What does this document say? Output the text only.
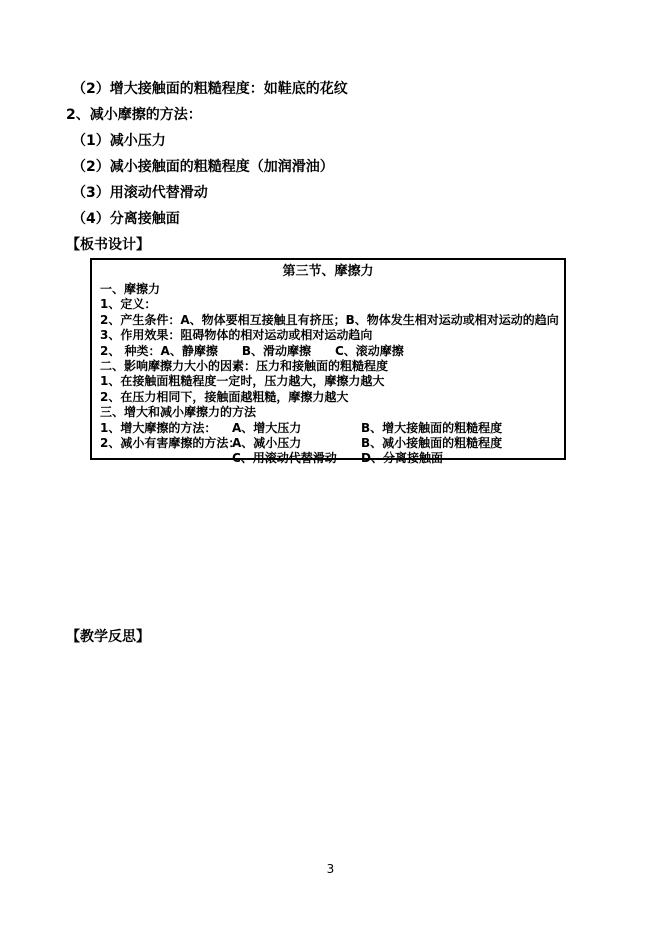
（2）增大接触面的粗糙程度：如鞋底的花纹
2、减小摩擦的方法：
（1）减小压力
（2）减小接触面的粗糙程度（加润滑油）
（3）用滚动代替滑动
（4）分离接触面
【板书设计】
第三节、摩擦力
一、摩擦力
1、定义：
2、产生条件：A、物体要相互接触且有挤压；B、物体发生相对运动或相对运动的趋向
3、作用效果：阻碍物体的相对运动或相对运动趋向
2、 种类：A、静摩擦　　B、滑动摩擦　　C、滚动摩擦
二、影响摩擦力大小的因素：压力和接触面的粗糙程度
1、在接触面粗糙程度一定时，压力越大，摩擦力越大
2、在压力相同下，接触面越粗糙，摩擦力越大
三、增大和减小摩擦力的方法
1、增大摩擦的方法：	A、增大压力	B、增大接触面的粗糙程度
2、减小有害摩擦的方法：
A、减小压力	B、减小接触面的粗糙程度
C、用滚动代替滑动	D、分离接触面
【教学反思】
3
